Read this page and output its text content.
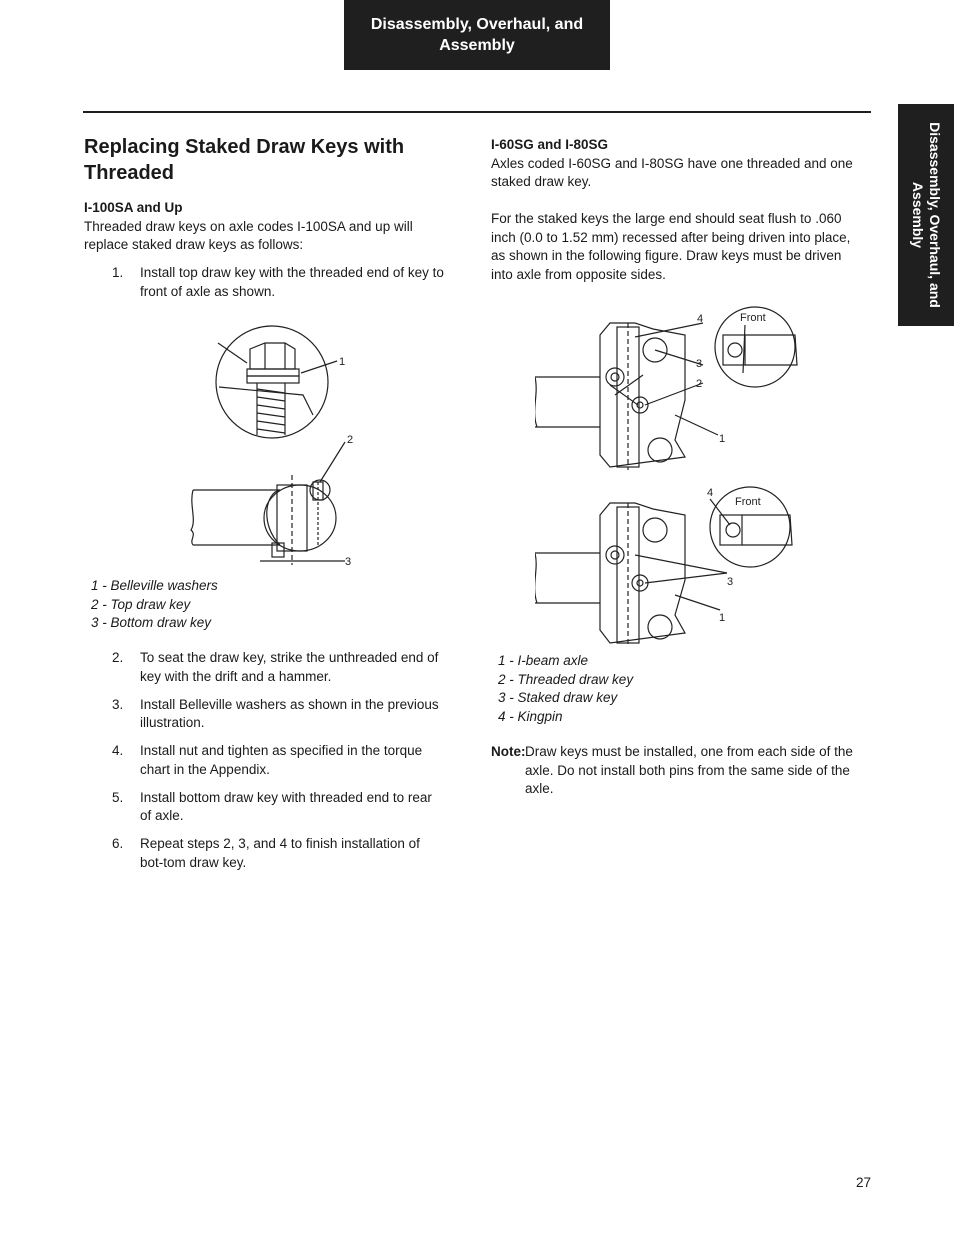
Disassembly, Overhaul, and Assembly
Disassembly, Overhaul, and Assembly
Replacing Staked Draw Keys with Threaded
I-100SA and Up

Threaded draw keys on axle codes I-100SA and up will replace staked draw keys as follows:

1. Install top draw key with the threaded end of key to front of axle as shown.
1
2
3
1 - Belleville washers
2 - Top draw key
3 - Bottom draw key
2. To seat the draw key, strike the unthreaded end of key with the drift and a hammer.
3. Install Belleville washers as shown in the previous illustration.
4. Install nut and tighten as specified in the torque chart in the Appendix.
5. Install bottom draw key with threaded end to rear of axle.
6. Repeat steps 2, 3, and 4 to finish installation of bot-tom draw key.
I-60SG and I-80SG

Axles coded I-60SG and I-80SG have one threaded and one staked draw key.

For the staked keys the large end should seat flush to .060 inch (0.0 to 1.52 mm) recessed after being driven into place, as shown in the following figure. Draw keys must be driven into axle from opposite sides.

Front
4
3
2
1
Front
4
3
1
1 - I-beam axle
2 - Threaded draw key
3 - Staked draw key
4 - Kingpin
Note: Draw keys must be installed, one from each side of the axle. Do not install both pins from the same side of the axle.
27
